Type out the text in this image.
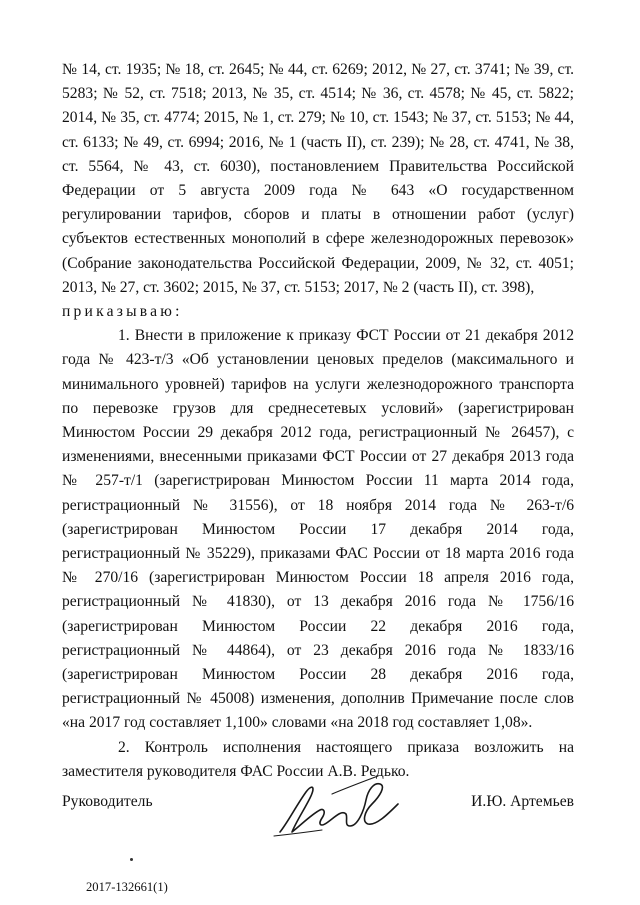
№ 14, ст. 1935; № 18, ст. 2645; № 44, ст. 6269; 2012, № 27, ст. 3741; № 39, ст. 5283; № 52, ст. 7518; 2013, № 35, ст. 4514; № 36, ст. 4578; № 45, ст. 5822; 2014, № 35, ст. 4774; 2015, № 1, ст. 279; № 10, ст. 1543; № 37, ст. 5153; № 44, ст. 6133; № 49, ст. 6994; 2016, № 1 (часть II), ст. 239); № 28, ст. 4741, № 38, ст. 5564, № 43, ст. 6030), постановлением Правительства Российской Федерации от 5 августа 2009 года № 643 «О государственном регулировании тарифов, сборов и платы в отношении работ (услуг) субъектов естественных монополий в сфере железнодорожных перевозок» (Собрание законодательства Российской Федерации, 2009, № 32, ст. 4051; 2013, № 27, ст. 3602; 2015, № 37, ст. 5153; 2017, № 2 (часть II), ст. 398),

приказываю:

1. Внести в приложение к приказу ФСТ России от 21 декабря 2012 года № 423-т/3 «Об установлении ценовых пределов (максимального и минимального уровней) тарифов на услуги железнодорожного транспорта по перевозке грузов для среднесетевых условий» (зарегистрирован Минюстом России 29 декабря 2012 года, регистрационный № 26457), с изменениями, внесенными приказами ФСТ России от 27 декабря 2013 года № 257-т/1 (зарегистрирован Минюстом России 11 марта 2014 года, регистрационный № 31556), от 18 ноября 2014 года № 263-т/6 (зарегистрирован Минюстом России 17 декабря 2014 года, регистрационный № 35229), приказами ФАС России от 18 марта 2016 года № 270/16 (зарегистрирован Минюстом России 18 апреля 2016 года, регистрационный № 41830), от 13 декабря 2016 года № 1756/16 (зарегистрирован Минюстом России 22 декабря 2016 года, регистрационный № 44864), от 23 декабря 2016 года № 1833/16 (зарегистрирован Минюстом России 28 декабря 2016 года, регистрационный № 45008) изменения, дополнив Примечание после слов «на 2017 год составляет 1,100» словами «на 2018 год составляет 1,08».

2. Контроль исполнения настоящего приказа возложить на заместителя руководителя ФАС России А.В. Редько.

Руководитель	И.Ю. Артемьев
2017-132661(1)
